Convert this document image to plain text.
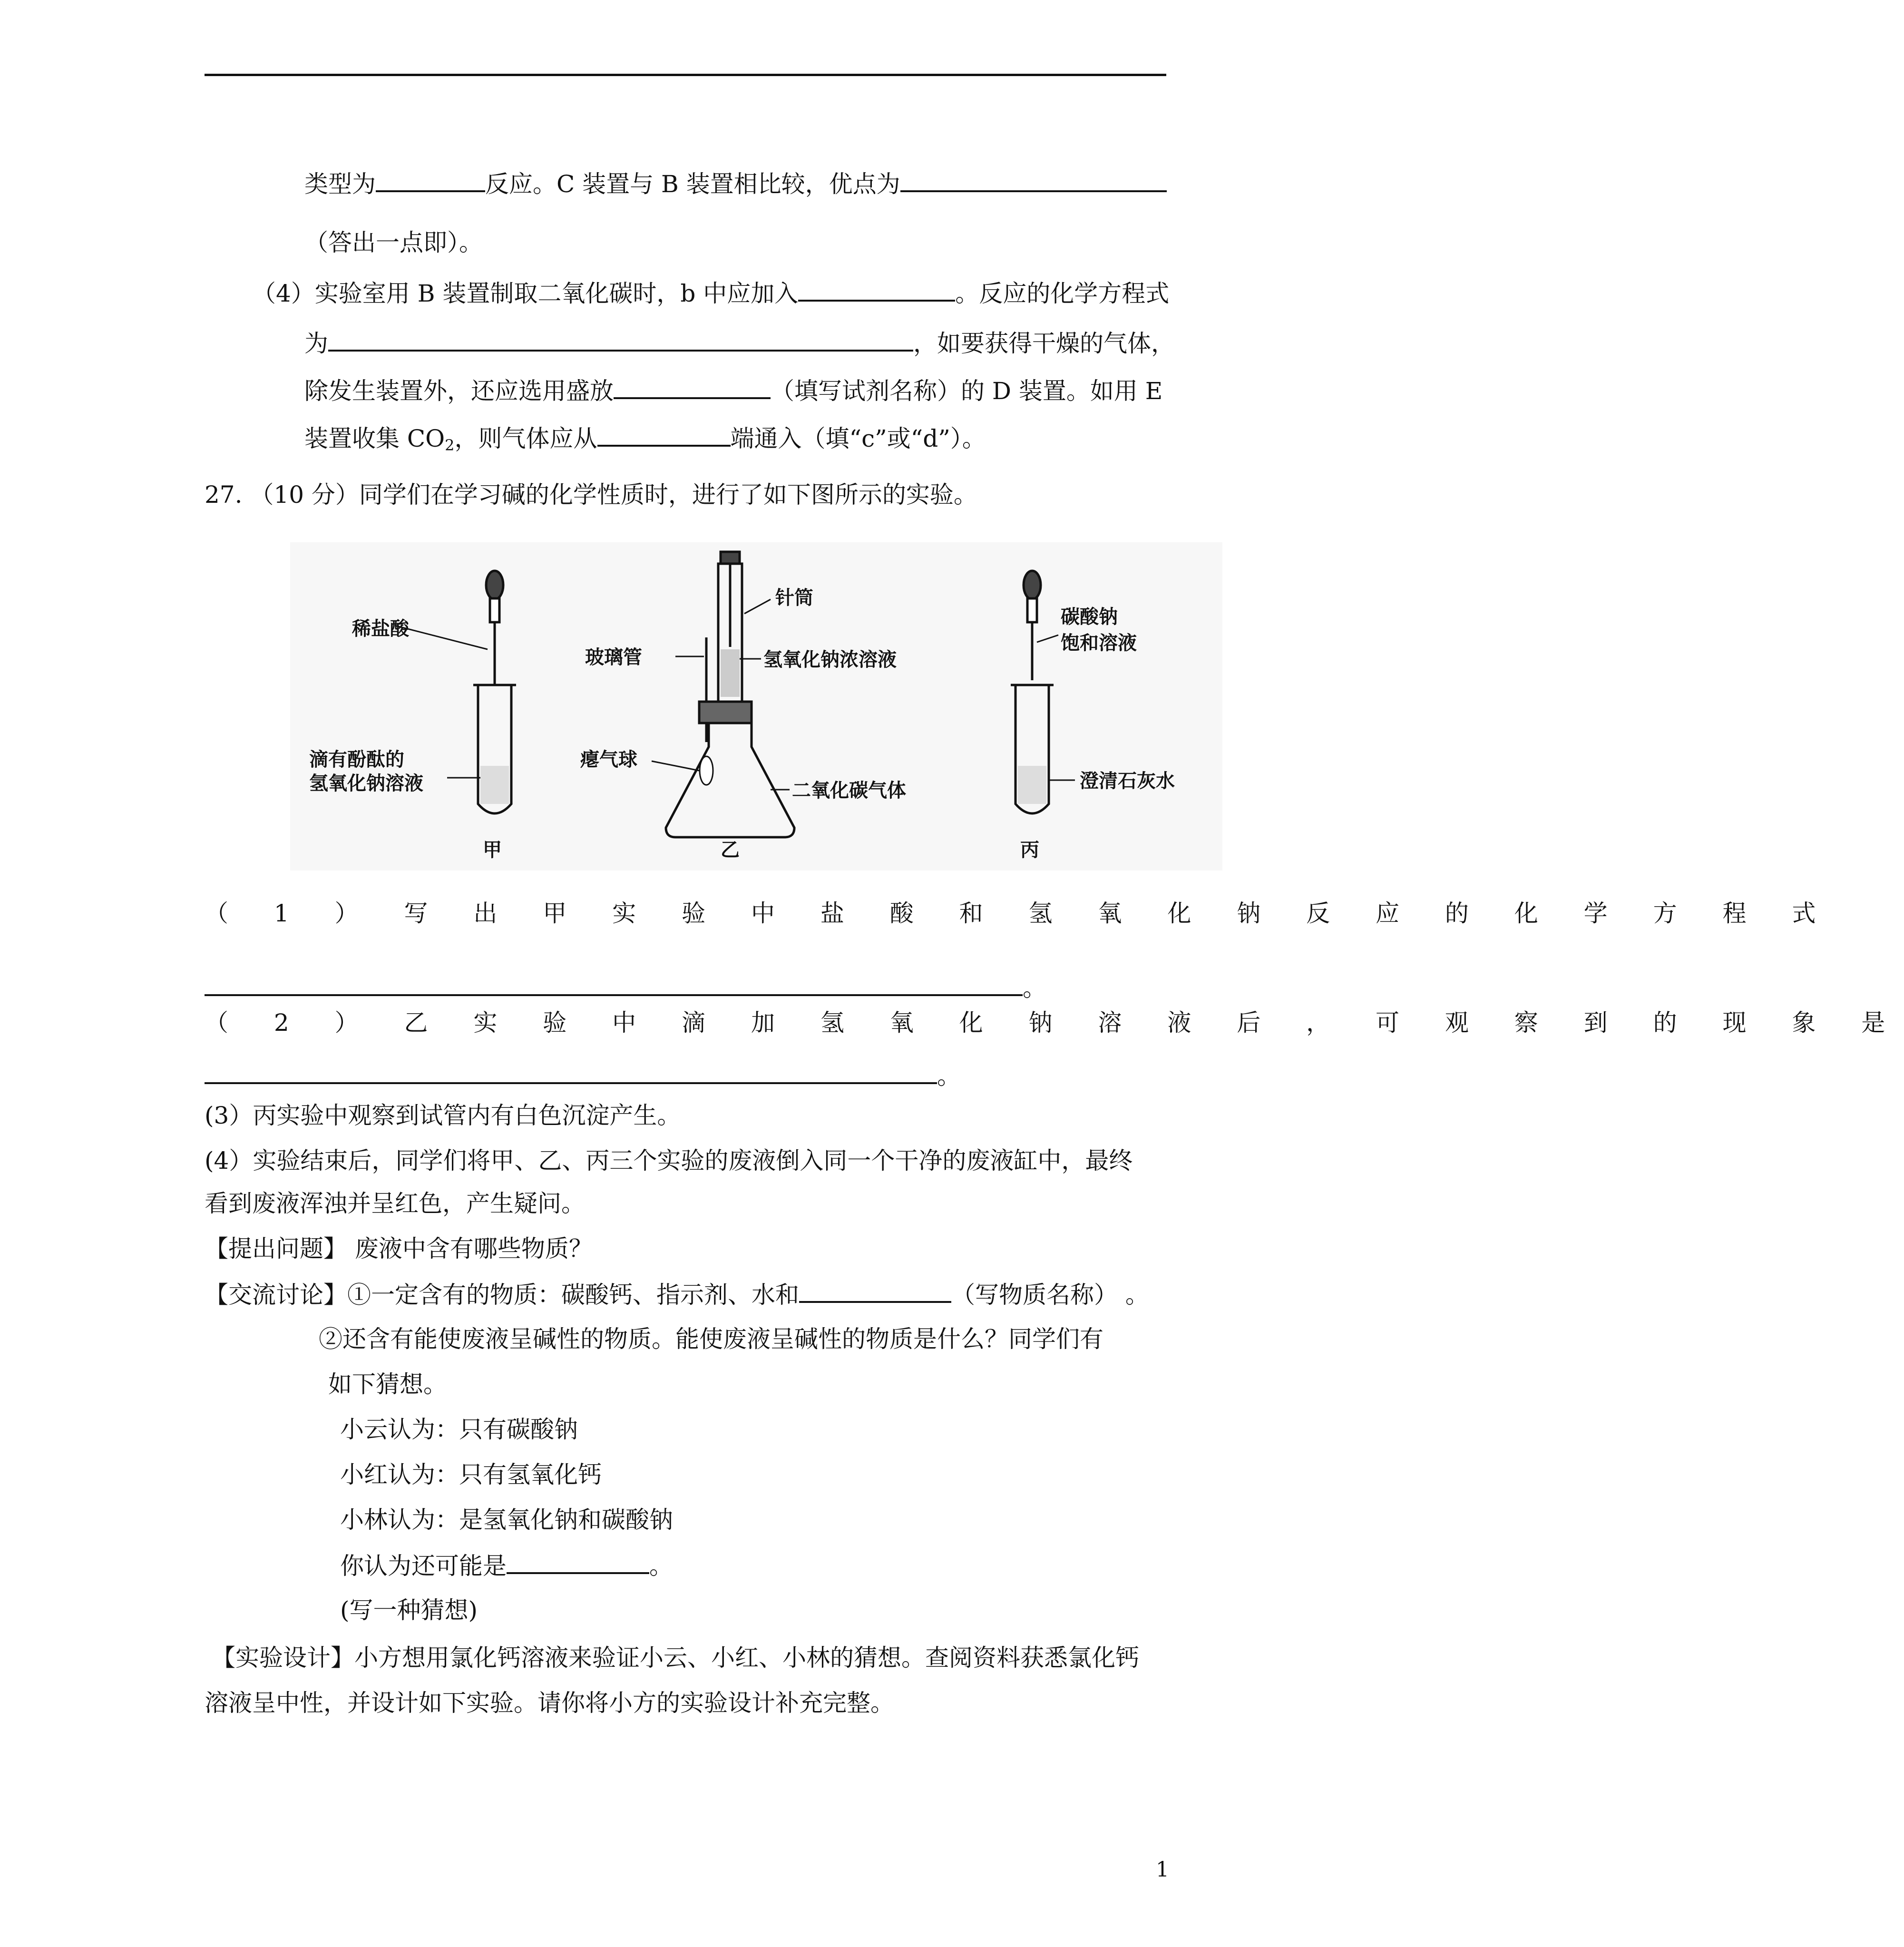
类型为	反应。C 装置与 B 装置相比较，优点为
（答出一点即）。
（4）实验室用 B 装置制取二氧化碳时，b 中应加入	。反应的化学方程式
为	，如要获得干燥的气体，
除发生装置外，还应选用盛放	（填写试剂名称）的 D 装置。如用 E
装置收集 $CO_2$，则气体应从	端通入（填“c”或“d”）。
27. （10 分）同学们在学习碱的化学性质时，进行了如下图所示的实验。
稀盐酸
滴有酚酞的
氢氧化钠溶液
甲
针筒
玻璃管	氢氧化钠浓溶液
瘪气球
二氧化碳气体
乙
碳酸钠
饱和溶液
澄清石灰水
丙
（ 1 ） 写 出 甲 实 验 中 盐 酸 和 氢 氧 化 钠 反 应 的 化 学 方 程 式
。
（ 2 ） 乙 实 验 中 滴 加 氢 氧 化 钠 溶 液 后 ， 可 观 察 到 的 现 象 是
。
(3）丙实验中观察到试管内有白色沉淀产生。
(4）实验结束后，同学们将甲、乙、丙三个实验的废液倒入同一个干净的废液缸中，最终
看到废液浑浊并呈红色，产生疑问。
【提出问题】 废液中含有哪些物质？
【交流讨论】①一定含有的物质：碳酸钙、指示剂、水和	（写物质名称） 。
②还含有能使废液呈碱性的物质。能使废液呈碱性的物质是什么？同学们有
如下猜想。
小云认为：只有碳酸钠
小红认为：只有氢氧化钙
小林认为：是氢氧化钠和碳酸钠
你认为还可能是	。
(写一种猜想)
【实验设计】小方想用氯化钙溶液来验证小云、小红、小林的猜想。查阅资料获悉氯化钙
溶液呈中性，并设计如下实验。请你将小方的实验设计补充完整。
1
